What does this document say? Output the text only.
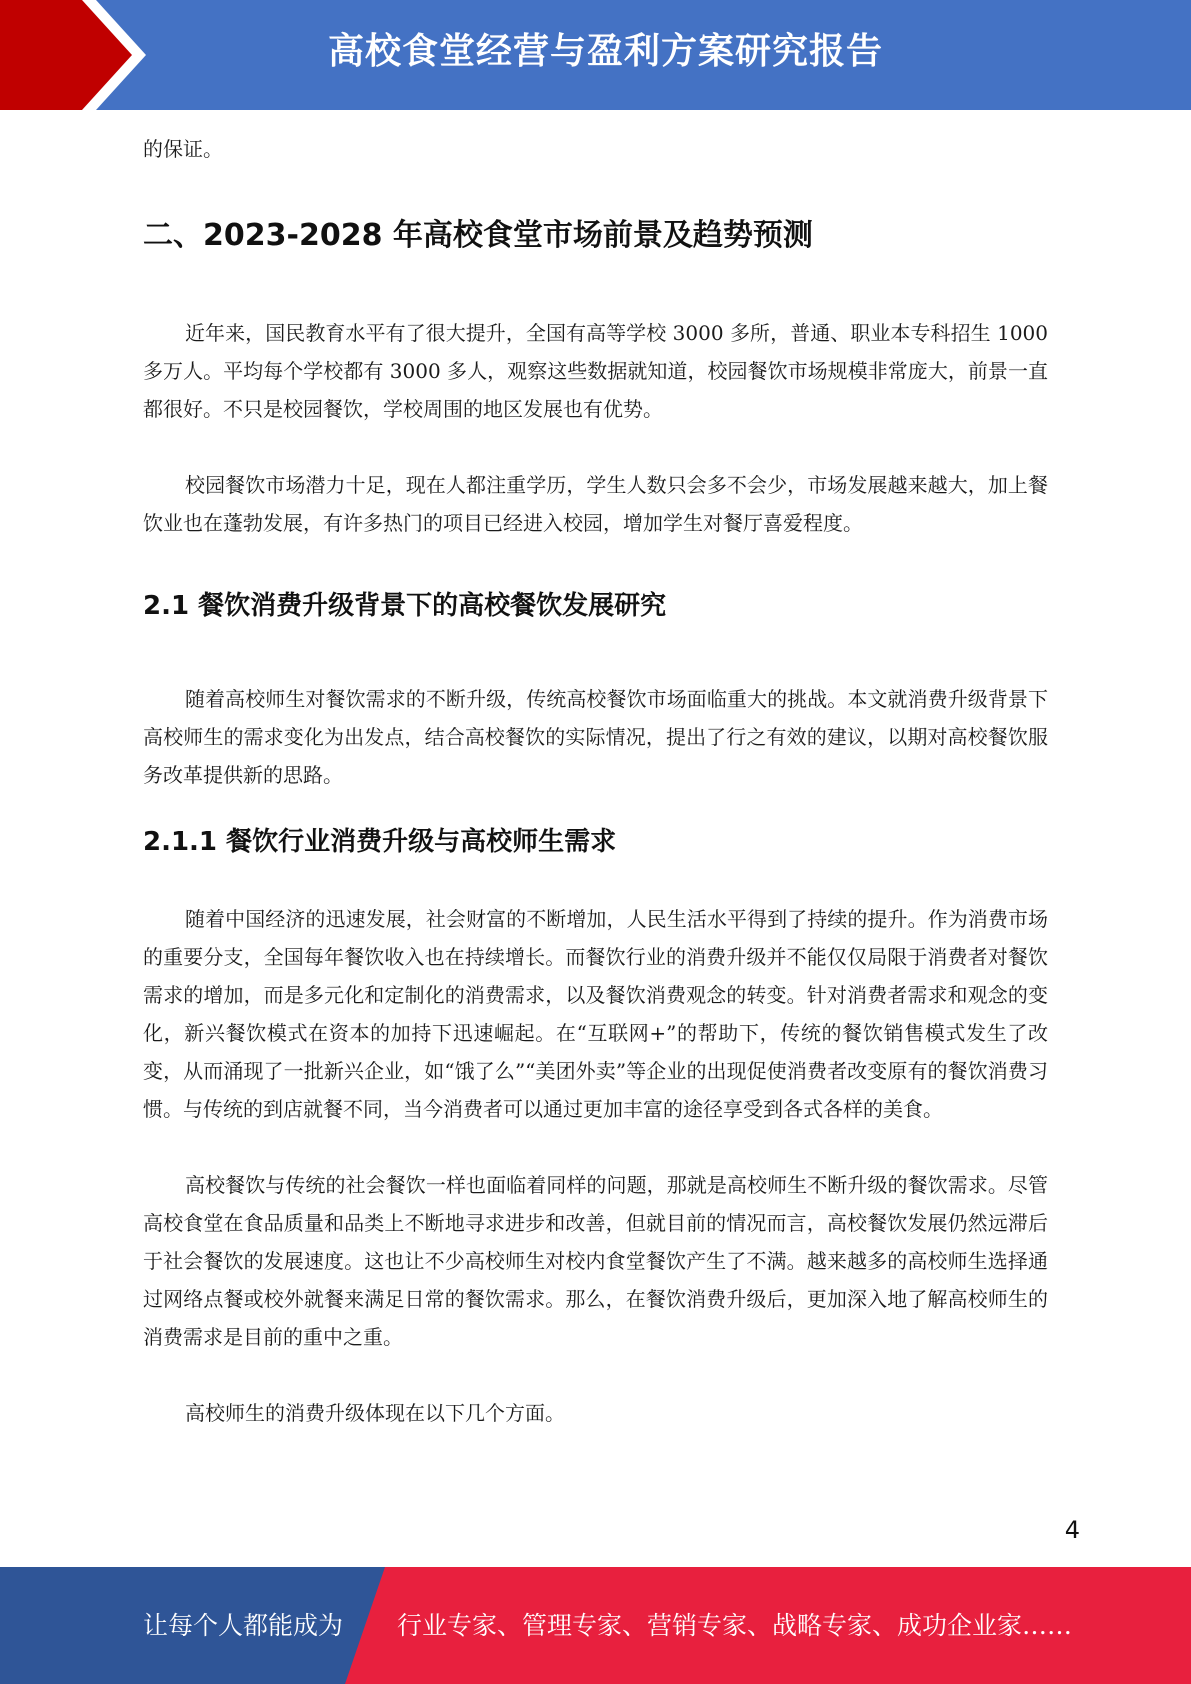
高校食堂经营与盈利方案研究报告

的保证。

二、2023-2028 年高校食堂市场前景及趋势预测

近年来，国民教育水平有了很大提升，全国有高等学校 3000 多所，普通、职业本专科招生 1000 多万人。平均每个学校都有 3000 多人，观察这些数据就知道，校园餐饮市场规模非常庞大，前景一直都很好。不只是校园餐饮，学校周围的地区发展也有优势。

校园餐饮市场潜力十足，现在人都注重学历，学生人数只会多不会少，市场发展越来越大，加上餐饮业也在蓬勃发展，有许多热门的项目已经进入校园，增加学生对餐厅喜爱程度。

2.1 餐饮消费升级背景下的高校餐饮发展研究

随着高校师生对餐饮需求的不断升级，传统高校餐饮市场面临重大的挑战。本文就消费升级背景下高校师生的需求变化为出发点，结合高校餐饮的实际情况，提出了行之有效的建议，以期对高校餐饮服务改革提供新的思路。

2.1.1 餐饮行业消费升级与高校师生需求

随着中国经济的迅速发展，社会财富的不断增加，人民生活水平得到了持续的提升。作为消费市场的重要分支，全国每年餐饮收入也在持续增长。而餐饮行业的消费升级并不能仅仅局限于消费者对餐饮需求的增加，而是多元化和定制化的消费需求，以及餐饮消费观念的转变。针对消费者需求和观念的变化，新兴餐饮模式在资本的加持下迅速崛起。在“互联网+”的帮助下，传统的餐饮销售模式发生了改变，从而涌现了一批新兴企业，如“饿了么”“美团外卖”等企业的出现促使消费者改变原有的餐饮消费习惯。与传统的到店就餐不同，当今消费者可以通过更加丰富的途径享受到各式各样的美食。

高校餐饮与传统的社会餐饮一样也面临着同样的问题，那就是高校师生不断升级的餐饮需求。尽管高校食堂在食品质量和品类上不断地寻求进步和改善，但就目前的情况而言，高校餐饮发展仍然远滞后于社会餐饮的发展速度。这也让不少高校师生对校内食堂餐饮产生了不满。越来越多的高校师生选择通过网络点餐或校外就餐来满足日常的餐饮需求。那么，在餐饮消费升级后，更加深入地了解高校师生的消费需求是目前的重中之重。

高校师生的消费升级体现在以下几个方面。

4
让每个人都能成为 行业专家、管理专家、营销专家、战略专家、成功企业家……
